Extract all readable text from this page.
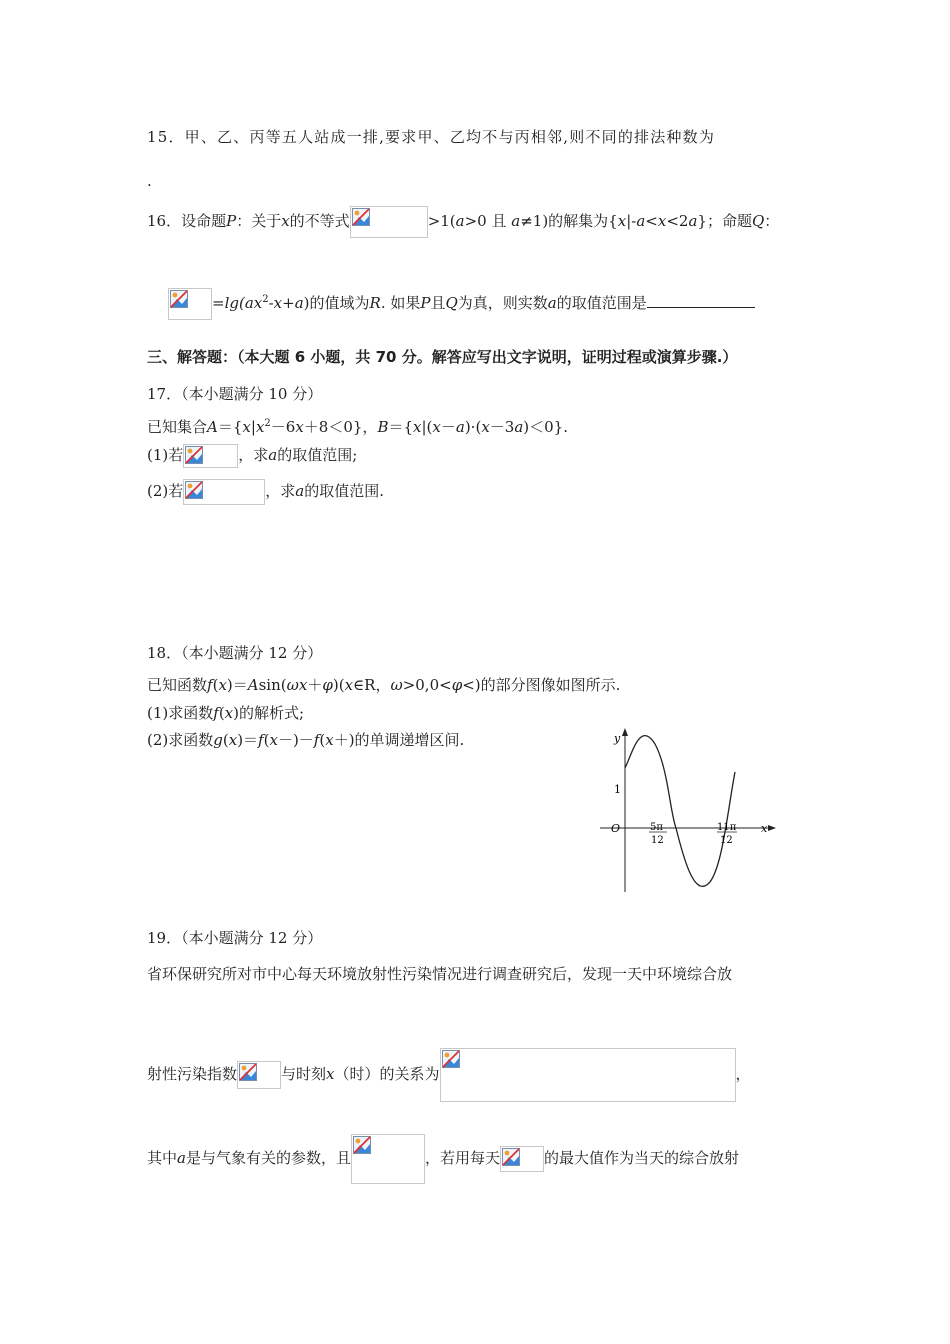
15．甲、乙、丙等五人站成一排,要求甲、乙均不与丙相邻,则不同的排法种数为
.
16．设命题P：关于x的不等式	>1(a>0 且 a≠1)的解集为{x|-a<x<2a}；命题Q：
$=\lg(ax^2-x+a)$的值域为R. 如果P且Q为真，则实数a的取值范围是
三、解答题：（本大题 6 小题，共 70 分。解答应写出文字说明，证明过程或演算步骤.）
17．（本小题满分 10 分）
已知集合$A=\{x|x^2-6x+8<0\}$，B＝{x|(x－a)·(x－3a)＜0}.
(1)若	，求a的取值范围;
(2)若	，求a的取值范围.
18．（本小题满分 12 分）
已知函数f(x)＝Asin(ωx＋φ)(x∈R，ω>0,0<φ<)的部分图像如图所示.
(1)求函数f(x)的解析式;
(2)求函数g(x)＝f(x－)－f(x＋)的单调递增区间.	y
x
O
1
5π
12
11π
12
19．（本小题满分 12 分）
省环保研究所对市中心每天环境放射性污染情况进行调查研究后，发现一天中环境综合放
射性污染指数	与时刻x（时）的关系为	，
其中a是与气象有关的参数，且	，若用每天	的最大值作为当天的综合放射
